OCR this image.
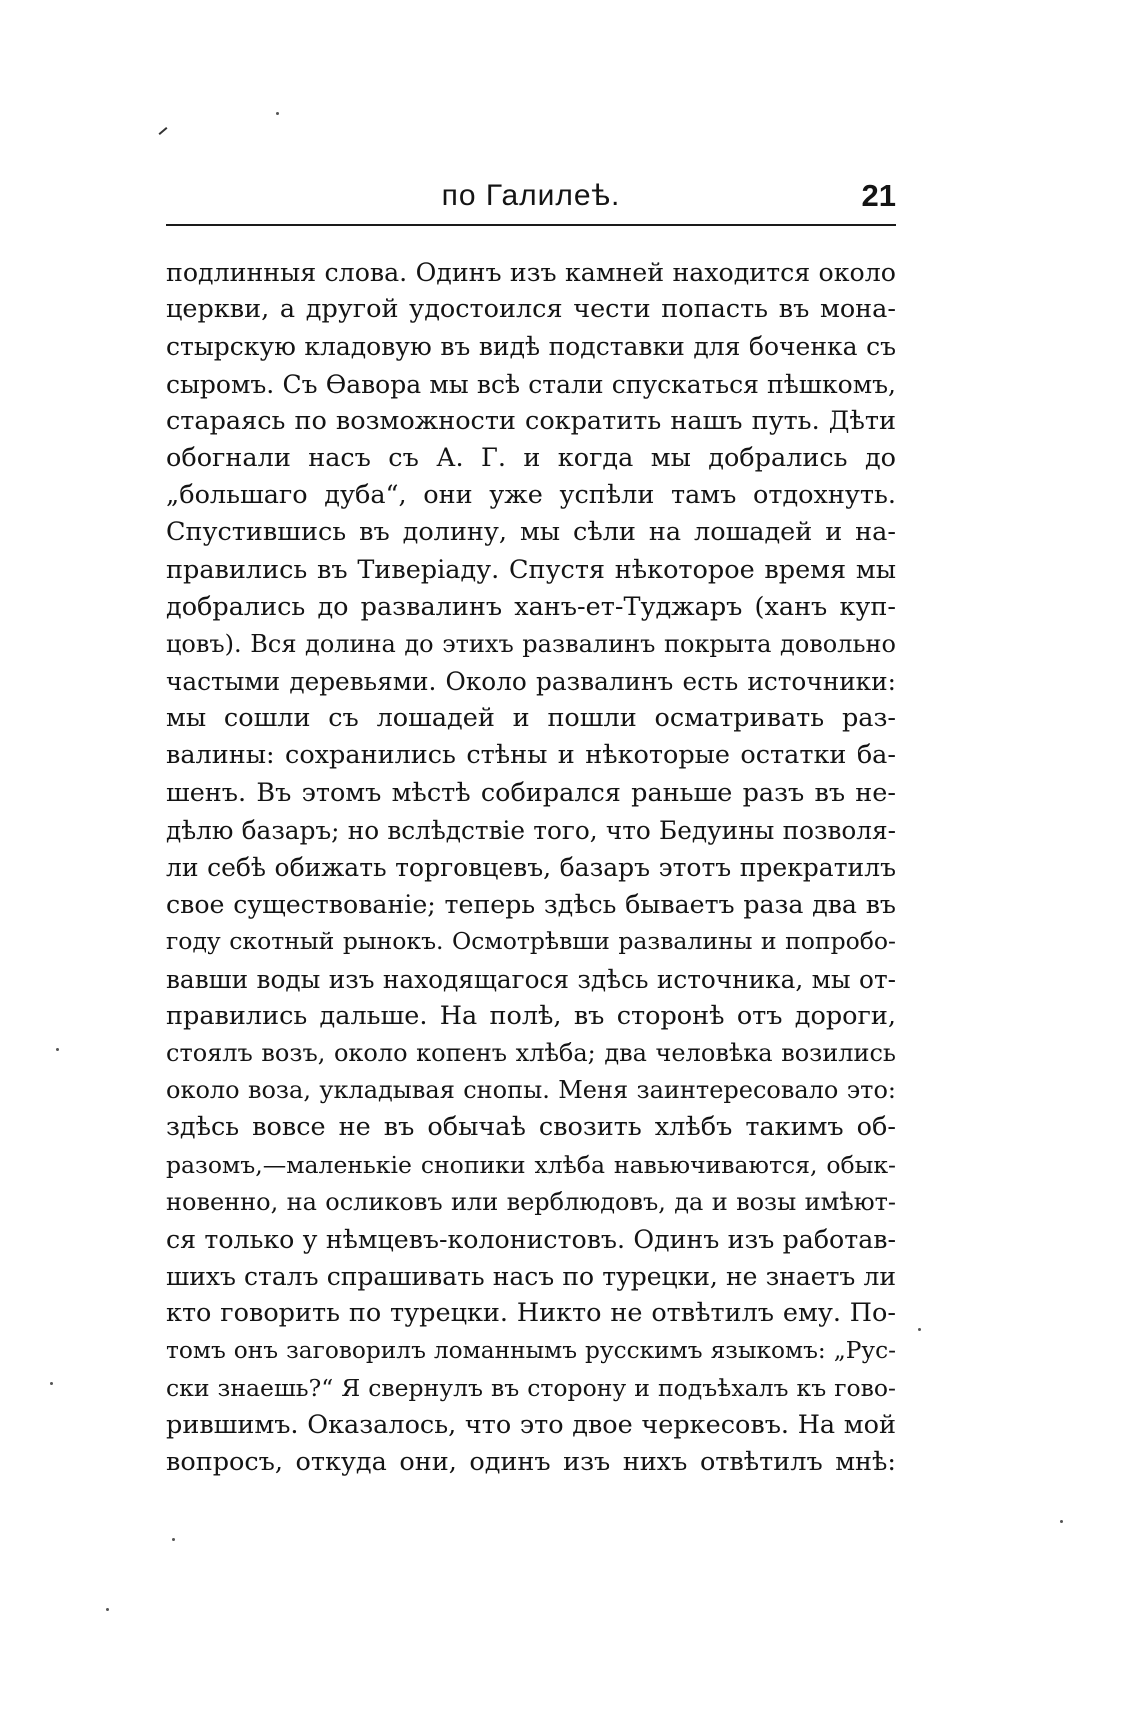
по Галилеѣ.	21
подлинныя слова. Одинъ изъ камней находится около
церкви, а другой удостоился чести попасть въ мона-
стырскую кладовую въ видѣ подставки для боченка съ
сыромъ. Съ Ѳавора мы всѣ стали спускаться пѣшкомъ,
стараясь по возможности сократить нашъ путь. Дѣти
обогнали насъ съ А. Г. и когда мы добрались до
„большаго дуба“, они уже успѣли тамъ отдохнуть.
Спустившись въ долину, мы сѣли на лошадей и на-
правились въ Тиверіаду. Спустя нѣкоторое время мы
добрались до развалинъ ханъ-ет-Туджаръ (ханъ куп-
цовъ). Вся долина до этихъ развалинъ покрыта довольно
частыми деревьями. Около развалинъ есть источники:
мы сошли съ лошадей и пошли осматривать раз-
валины: сохранились стѣны и нѣкоторые остатки ба-
шенъ. Въ этомъ мѣстѣ собирался раньше разъ въ не-
дѣлю базаръ; но вслѣдствіе того, что Бедуины позволя-
ли себѣ обижать торговцевъ, базаръ этотъ прекратилъ
свое существованіе; теперь здѣсь бываетъ раза два въ
году скотный рынокъ. Осмотрѣвши развалины и попробо-
вавши воды изъ находящагося здѣсь источника, мы от-
правились дальше. На полѣ, въ сторонѣ отъ дороги,
стоялъ возъ, около копенъ хлѣба; два человѣка возились
около воза, укладывая снопы. Меня заинтересовало это:
здѣсь вовсе не въ обычаѣ свозить хлѣбъ такимъ об-
разомъ,—маленькіе снопики хлѣба навьючиваются, обык-
новенно, на осликовъ или верблюдовъ, да и возы имѣют-
ся только у нѣмцевъ-колонистовъ. Одинъ изъ работав-
шихъ сталъ спрашивать насъ по турецки, не знаетъ ли
кто говорить по турецки. Никто не отвѣтилъ ему. По-
томъ онъ заговорилъ ломаннымъ русскимъ языкомъ: „Рус-
ски знаешь?“ Я свернулъ въ сторону и подъѣхалъ къ гово-
рившимъ. Оказалось, что это двое черкесовъ. На мой
вопросъ, откуда они, одинъ изъ нихъ отвѣтилъ мнѣ:
